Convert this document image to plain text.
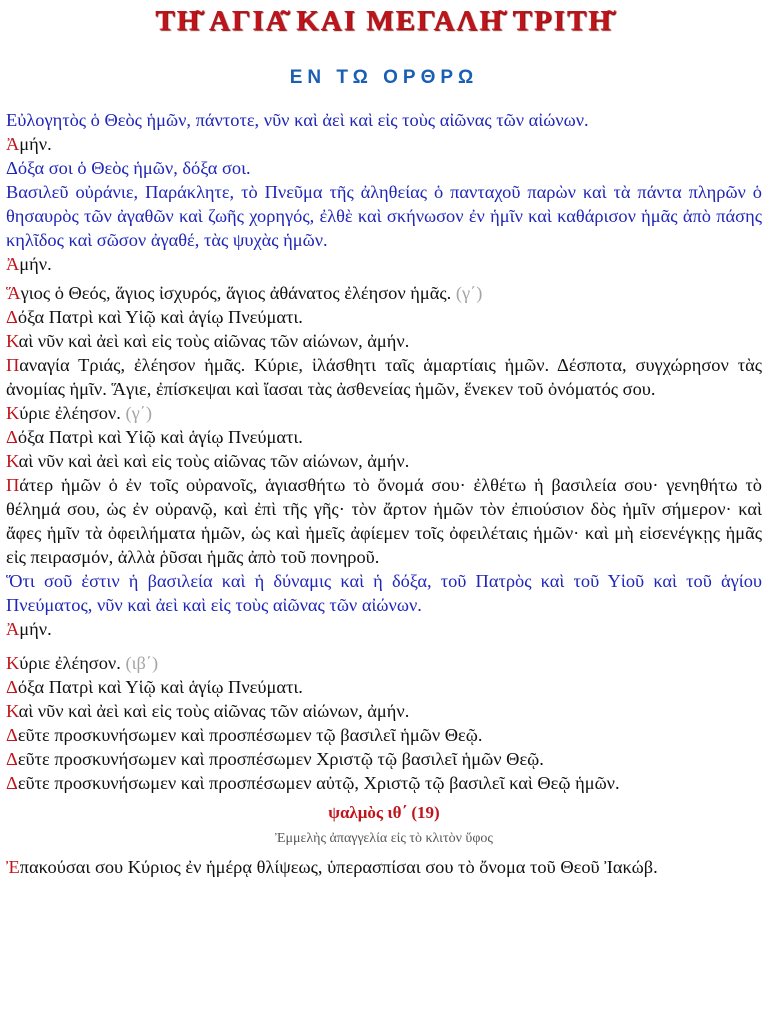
ΤΗ͂ ΑΓΙΑ͂ ΚΑΙ ΜΕΓΑΛΗ͂ ΤΡΙΤΗ͂
ΕΝ ΤΩ ΟΡΘΡΩ

Εὐλογητὸς ὁ Θεὸς ἡμῶν, πάντοτε, νῦν καὶ ἀεὶ καὶ εἰς τοὺς αἰῶνας τῶν αἰώνων.

Ἀμήν.

Δόξα σοι ὁ Θεὸς ἡμῶν, δόξα σοι.

Βασιλεῦ οὐράνιε, Παράκλητε, τὸ Πνεῦμα τῆς ἀληθείας ὁ πανταχοῦ παρὼν καὶ τὰ πάντα πληρῶν ὁ θησαυρὸς τῶν ἀγαθῶν καὶ ζωῆς χορηγός, ἐλθὲ καὶ σκήνωσον ἐν ἡμῖν καὶ καθάρισον ἡμᾶς ἀπὸ πάσης κηλῖδος καὶ σῶσον ἀγαθέ, τὰς ψυχὰς ἡμῶν.

Ἀμήν.

Ἅγιος ὁ Θεός, ἅγιος ἰσχυρός, ἅγιος ἀθάνατος ἐλέησον ἡμᾶς. (γ΄)

Δόξα Πατρὶ καὶ Υἱῷ καὶ ἁγίῳ Πνεύματι.

Καὶ νῦν καὶ ἀεὶ καὶ εἰς τοὺς αἰῶνας τῶν αἰώνων, ἀμήν.

Παναγία Τριάς, ἐλέησον ἡμᾶς. Κύριε, ἱλάσθητι ταῖς ἁμαρτίαις ἡμῶν. Δέσποτα, συγχώρησον τὰς ἀνομίας ἡμῖν. Ἅγιε, ἐπίσκεψαι καὶ ἴασαι τὰς ἀσθενείας ἡμῶν, ἕνεκεν τοῦ ὀνόματός σου.

Κύριε ἐλέησον. (γ΄)

Δόξα Πατρὶ καὶ Υἱῷ καὶ ἁγίῳ Πνεύματι.

Καὶ νῦν καὶ ἀεὶ καὶ εἰς τοὺς αἰῶνας τῶν αἰώνων, ἀμήν.

Πάτερ ἡμῶν ὁ ἐν τοῖς οὐρανοῖς, ἁγιασθήτω τὸ ὄνομά σου· ἐλθέτω ἡ βασιλεία σου· γενηθήτω τὸ θέλημά σου, ὡς ἐν οὐρανῷ, καὶ ἐπὶ τῆς γῆς· τὸν ἄρτον ἡμῶν τὸν ἐπιούσιον δὸς ἡμῖν σήμερον· καὶ ἄφες ἡμῖν τὰ ὀφειλήματα ἡμῶν, ὡς καὶ ἡμεῖς ἀφίεμεν τοῖς ὀφειλέταις ἡμῶν· καὶ μὴ εἰσενέγκῃς ἡμᾶς εἰς πειρασμόν, ἀλλὰ ῥῦσαι ἡμᾶς ἀπὸ τοῦ πονηροῦ.

Ὅτι σοῦ ἐστιν ἡ βασιλεία καὶ ἡ δύναμις καὶ ἡ δόξα, τοῦ Πατρὸς καὶ τοῦ Υἱοῦ καὶ τοῦ ἁγίου Πνεύματος, νῦν καὶ ἀεὶ καὶ εἰς τοὺς αἰῶνας τῶν αἰώνων.

Ἀμήν.

Κύριε ἐλέησον. (ιβ΄)

Δόξα Πατρὶ καὶ Υἱῷ καὶ ἁγίῳ Πνεύματι.

Καὶ νῦν καὶ ἀεὶ καὶ εἰς τοὺς αἰῶνας τῶν αἰώνων, ἀμήν.

Δεῦτε προσκυνήσωμεν καὶ προσπέσωμεν τῷ βασιλεῖ ἡμῶν Θεῷ.

Δεῦτε προσκυνήσωμεν καὶ προσπέσωμεν Χριστῷ τῷ βασιλεῖ ἡμῶν Θεῷ.

Δεῦτε προσκυνήσωμεν καὶ προσπέσωμεν αὐτῷ, Χριστῷ τῷ βασιλεῖ καὶ Θεῷ ἡμῶν.

ψαλμὸς ιθ΄ (19)

Ἐμμελὴς ἀπαγγελία εἰς τὸ κλιτὸν ὕφος

Ἐπακούσαι σου Κύριος ἐν ἡμέρᾳ θλίψεως, ὑπερασπίσαι σου τὸ ὄνομα τοῦ Θεοῦ Ἰακώβ.
